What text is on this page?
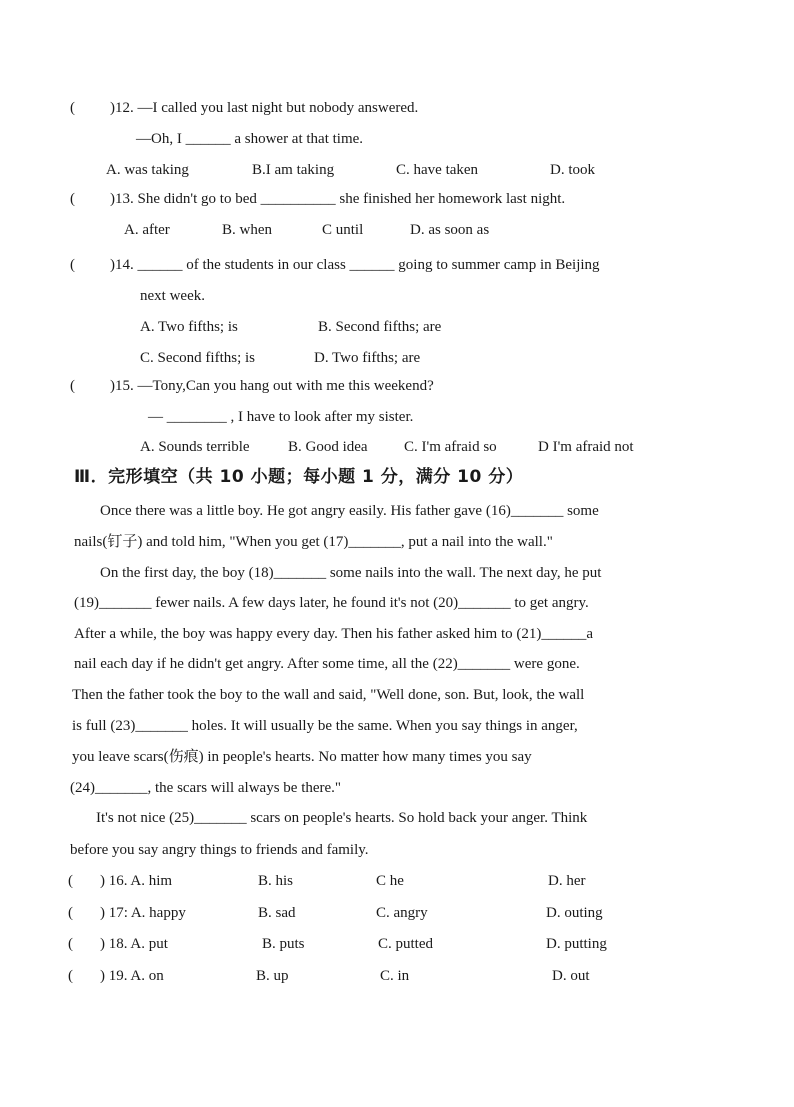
( )12. —I called you last night but nobody answered.
—Oh, I ______ a shower at that time.
A. was taking	B.I am taking	C. have taken	D. took
( )13. She didn't go to bed __________ she finished her homework last night.
A. after	B. when	C until	D. as soon as
( )14. ______ of the students in our class ______ going to summer camp in Beijing
next week.
A. Two fifths; is	B. Second fifths; are
C. Second fifths; is	D. Two fifths; are
( )15. —Tony,Can you hang out with me this weekend?
— ________ , I have to look after my sister.
A. Sounds terrible	B. Good idea C. I'm afraid so	D I'm afraid not
Ⅲ．完形填空（共 10 小题；每小题 1 分，满分 10 分）
Once there was a little boy. He got angry easily. His father gave (16)_______ some
nails(钉子) and told him, "When you get (17)_______, put a nail into the wall."
On the first day, the boy (18)_______ some nails into the wall. The next day, he put
(19)_______ fewer nails. A few days later, he found it's not (20)_______ to get angry.
After a while, the boy was happy every day. Then his father asked him to (21)______a
nail each day if he didn't get angry. After some time, all the (22)_______ were gone.
Then the father took the boy to the wall and said, "Well done, son. But, look, the wall
is full (23)_______ holes. It will usually be the same. When you say things in anger,
you leave scars(伤痕) in people's hearts. No matter how many times you say
(24)_______, the scars will always be there."
It's not nice (25)_______ scars on people's hearts. So hold back your anger. Think
before you say angry things to friends and family.
( ) 16. A. him	B. his	C he	D. her
( ) 17: A. happy	B. sad	C. angry	D. outing
( ) 18. A. put	B. puts	C. putted	D. putting
( ) 19. A. on	B. up	C. in	D. out
